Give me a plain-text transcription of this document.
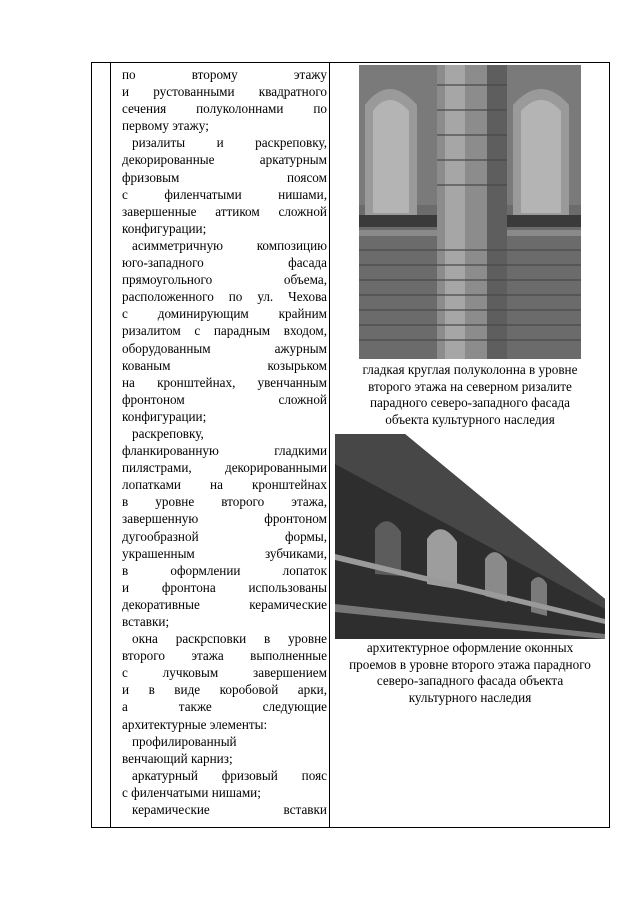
по второму этажу

и рустованными квадратного

сечения полуколоннами по

первому этажу;

ризалиты и раскреповку,

декорированные аркатурным

фризовым поясом

с филенчатыми нишами,

завершенные аттиком сложной

конфигурации;

асимметричную композицию

юго-западного фасада

прямоугольного объема,

расположенного по ул. Чехова

с доминирующим крайним

ризалитом с парадным входом,

оборудованным ажурным

кованым козырьком

на кронштейнах, увенчанным

фронтоном сложной

конфигурации;

раскреповку,

фланкированную гладкими

пилястрами, декорированными

лопатками на кронштейнах

в уровне второго этажа,

завершенную фронтоном

дугообразной формы,

украшенным зубчиками,

в оформлении лопаток

и фронтона использованы

декоративные керамические

вставки;

окна раскрсповки в уровне

второго этажа выполненные

с лучковым завершением

и в виде коробовой арки,

а также следующие

архитектурные элементы:

профилированный

венчающий карниз;

аркатурный фризовый пояс

с филенчатыми нишами;

керамические вставки

гладкая круглая полуколонна в уровне
второго этажа на северном ризалите
парадного северо-западного фасада
объекта культурного наследия

архитектурное оформление оконных
проемов в уровне второго этажа парадного
северо-западного фасада объекта
культурного наследия
